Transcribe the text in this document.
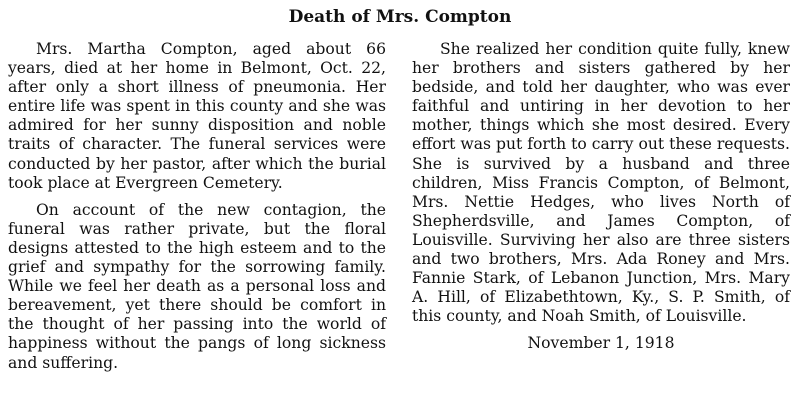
Death of Mrs. Compton

Mrs. Martha Compton, aged about 66 years, died at her home in Belmont, Oct. 22, after only a short illness of pneumonia. Her entire life was spent in this county and she was admired for her sunny disposition and noble traits of character. The funeral services were conducted by her pastor, after which the burial took place at Evergreen Cemetery.

On account of the new contagion, the funeral was rather private, but the floral designs attested to the high esteem and to the grief and sympathy for the sorrowing family. While we feel her death as a personal loss and bereavement, yet there should be comfort in the thought of her passing into the world of happiness without the pangs of long sickness and suffering.

She realized her condition quite fully, knew her brothers and sisters gathered by her bedside, and told her daughter, who was ever faithful and untiring in her devotion to her mother, things which she most desired. Every effort was put forth to carry out these requests. She is survived by a husband and three children, Miss Francis Compton, of Belmont, Mrs. Nettie Hedges, who lives North of Shepherdsville, and James Compton, of Louisville. Surviving her also are three sisters and two brothers, Mrs. Ada Roney and Mrs. Fannie Stark, of Lebanon Junction, Mrs. Mary A. Hill, of Elizabethtown, Ky., S. P. Smith, of this county, and Noah Smith, of Louisville.

November 1, 1918
